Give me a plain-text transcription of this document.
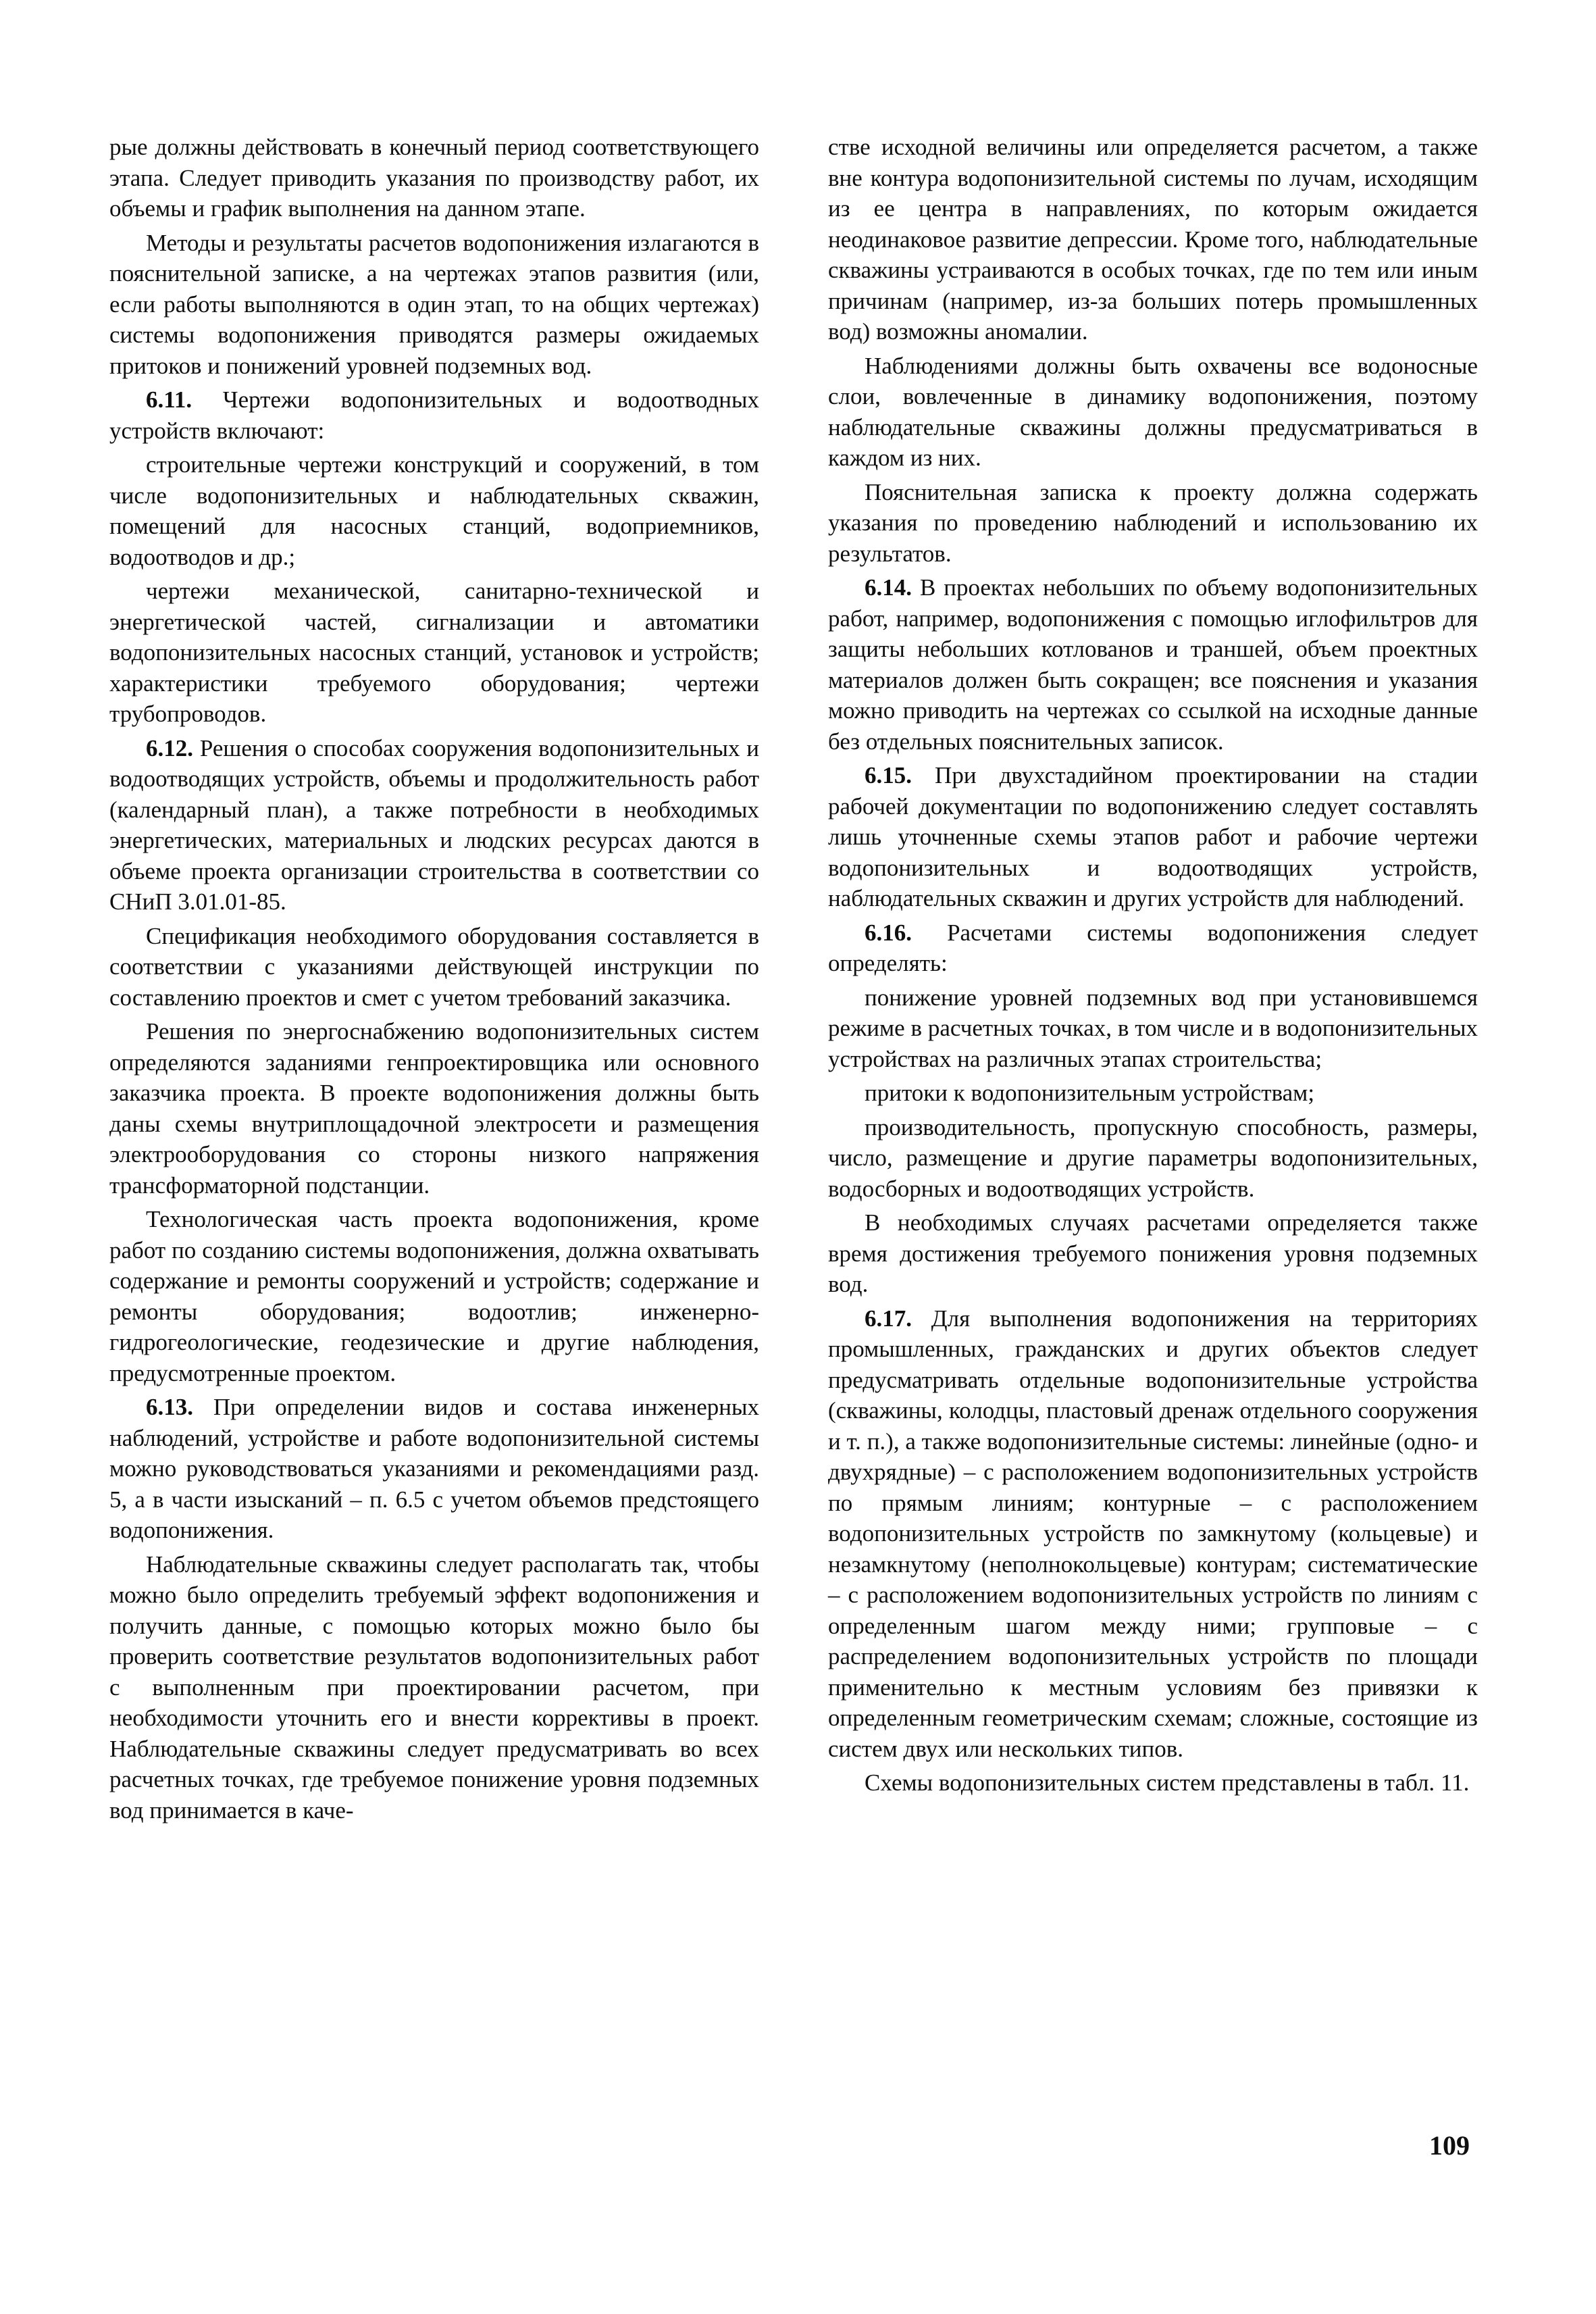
рые должны действовать в конечный период соответствующего этапа. Следует приводить указания по производству работ, их объемы и график выполнения на данном этапе.

Методы и результаты расчетов водопонижения излагаются в пояснительной записке, а на чертежах этапов развития (или, если работы выполняются в один этап, то на общих чертежах) системы водопонижения приводятся размеры ожидаемых притоков и понижений уровней подземных вод.

6.11. Чертежи водопонизительных и водоотводных устройств включают:

строительные чертежи конструкций и сооружений, в том числе водопонизительных и наблюдательных скважин, помещений для насосных станций, водоприемников, водоотводов и др.;

чертежи механической, санитарно-технической и энергетической частей, сигнализации и автоматики водопонизительных насосных станций, установок и устройств; характеристики требуемого оборудования; чертежи трубопроводов.

6.12. Решения о способах сооружения водопонизительных и водоотводящих устройств, объемы и продолжительность работ (календарный план), а также потребности в необходимых энергетических, материальных и людских ресурсах даются в объеме проекта организации строительства в соответствии со СНиП 3.01.01-85.

Спецификация необходимого оборудования составляется в соответствии с указаниями действующей инструкции по составлению проектов и смет с учетом требований заказчика.

Решения по энергоснабжению водопонизительных систем определяются заданиями генпроектировщика или основного заказчика проекта. В проекте водопонижения должны быть даны схемы внутриплощадочной электросети и размещения электрооборудования со стороны низкого напряжения трансформаторной подстанции.

Технологическая часть проекта водопонижения, кроме работ по созданию системы водопонижения, должна охватывать содержание и ремонты сооружений и устройств; содержание и ремонты оборудования; водоотлив; инженерно-гидрогеологические, геодезические и другие наблюдения, предусмотренные проектом.

6.13. При определении видов и состава инженерных наблюдений, устройстве и работе водопонизительной системы можно руководствоваться указаниями и рекомендациями разд. 5, а в части изысканий – п. 6.5 с учетом объемов предстоящего водопонижения.

Наблюдательные скважины следует располагать так, чтобы можно было определить требуемый эффект водопонижения и получить данные, с помощью которых можно было бы проверить соответствие результатов водопонизительных работ с выполненным при проектировании расчетом, при необходимости уточнить его и внести коррективы в проект. Наблюдательные скважины следует предусматривать во всех расчетных точках, где требуемое понижение уровня подземных вод принимается в каче-

стве исходной величины или определяется расчетом, а также вне контура водопонизительной системы по лучам, исходящим из ее центра в направлениях, по которым ожидается неодинаковое развитие депрессии. Кроме того, наблюдательные скважины устраиваются в особых точках, где по тем или иным причинам (например, из-за больших потерь промышленных вод) возможны аномалии.

Наблюдениями должны быть охвачены все водоносные слои, вовлеченные в динамику водопонижения, поэтому наблюдательные скважины должны предусматриваться в каждом из них.

Пояснительная записка к проекту должна содержать указания по проведению наблюдений и использованию их результатов.

6.14. В проектах небольших по объему водопонизительных работ, например, водопонижения с помощью иглофильтров для защиты небольших котлованов и траншей, объем проектных материалов должен быть сокращен; все пояснения и указания можно приводить на чертежах со ссылкой на исходные данные без отдельных пояснительных записок.

6.15. При двухстадийном проектировании на стадии рабочей документации по водопонижению следует составлять лишь уточненные схемы этапов работ и рабочие чертежи водопонизительных и водоотводящих устройств, наблюдательных скважин и других устройств для наблюдений.

6.16. Расчетами системы водопонижения следует определять:

понижение уровней подземных вод при установившемся режиме в расчетных точках, в том числе и в водопонизительных устройствах на различных этапах строительства;

притоки к водопонизительным устройствам;

производительность, пропускную способность, размеры, число, размещение и другие параметры водопонизительных, водосборных и водоотводящих устройств.

В необходимых случаях расчетами определяется также время достижения требуемого понижения уровня подземных вод.

6.17. Для выполнения водопонижения на территориях промышленных, гражданских и других объектов следует предусматривать отдельные водопонизительные устройства (скважины, колодцы, пластовый дренаж отдельного сооружения и т. п.), а также водопонизительные системы: линейные (одно- и двухрядные) – с расположением водопонизительных устройств по прямым линиям; контурные – с расположением водопонизительных устройств по замкнутому (кольцевые) и незамкнутому (неполнокольцевые) контурам; систематические – с расположением водопонизительных устройств по линиям с определенным шагом между ними; групповые – с распределением водопонизительных устройств по площади применительно к местным условиям без привязки к определенным геометрическим схемам; сложные, состоящие из систем двух или нескольких типов.

Схемы водопонизительных систем представлены в табл. 11.

109
